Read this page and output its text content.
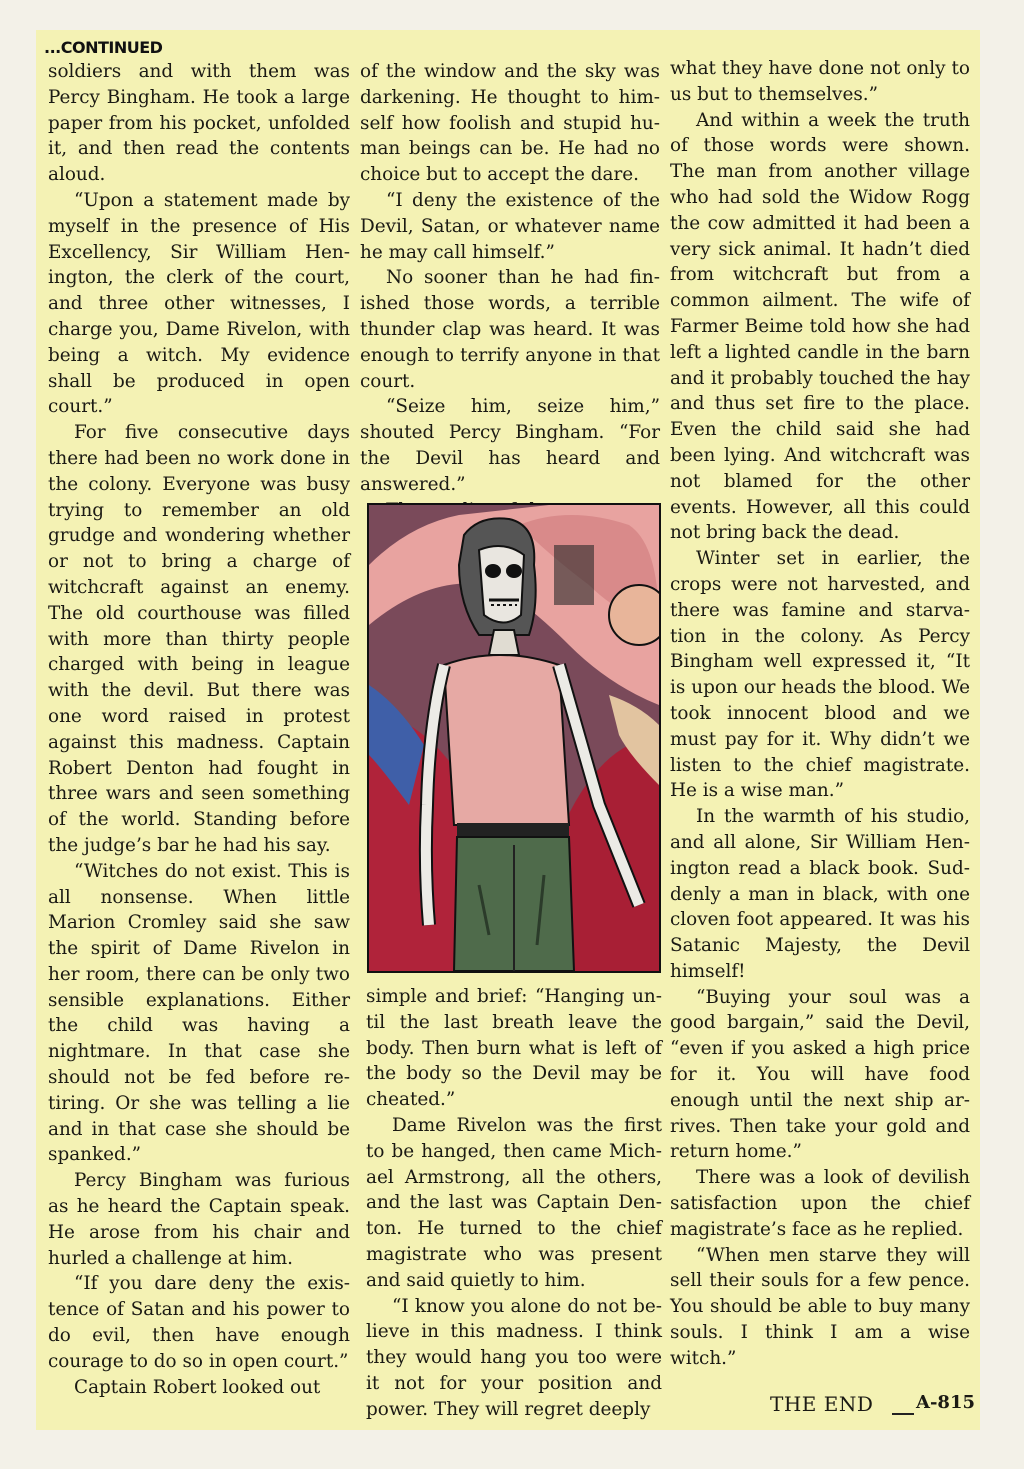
...CONTINUED

soldiers and with them was Percy Bingham. He took a large paper from his pocket, unfolded it, and then read the contents aloud.

“Upon a statement made by myself in the presence of His Excellency, Sir William Henington, the clerk of the court, and three other witnesses, I charge you, Dame Rivelon, with being a witch. My evidence shall be produced in open court.”

For five consecutive days there had been no work done in the colony. Everyone was busy trying to remember an old grudge and wondering whether or not to bring a charge of witchcraft against an enemy. The old courthouse was filled with more than thirty people charged with being in league with the devil. But there was one word raised in protest against this madness. Captain Robert Denton had fought in three wars and seen something of the world. Standing before the judge’s bar he had his say.

“Witches do not exist. This is all nonsense. When little Marion Cromley said she saw the spirit of Dame Rivelon in her room, there can be only two sensible explanations. Either the child was having a nightmare. In that case she should not be fed before retiring. Or she was telling a lie and in that case she should be spanked.”

Percy Bingham was furious as he heard the Captain speak. He arose from his chair and hurled a challenge at him.

“If you dare deny the existence of Satan and his power to do evil, then have enough courage to do so in open court.”

Captain Robert looked out

of the window and the sky was darkening. He thought to himself how foolish and stupid human beings can be. He had no choice but to accept the dare.

“I deny the existence of the Devil, Satan, or whatever name he may call himself.”

No sooner than he had finished those words, a terrible thunder clap was heard. It was enough to terrify anyone in that court.

“Seize him, seize him,” shouted Percy Bingham. “For the Devil has heard and answered.”

simple and brief: “Hanging until the last breath leave the body. Then burn what is left of the body so the Devil may be cheated.”

Dame Rivelon was the first to be hanged, then came Michael Armstrong, all the others, and the last was Captain Denton. He turned to the chief magistrate who was present and said quietly to him.

“I know you alone do not believe in this madness. I think they would hang you too were it not for your position and power. They will regret deeply

what they have done not only to us but to themselves.”

And within a week the truth of those words were shown. The man from another village who had sold the Widow Rogg the cow admitted it had been a very sick animal. It hadn’t died from witchcraft but from a common ailment. The wife of Farmer Beime told how she had left a lighted candle in the barn and it probably touched the hay and thus set fire to the place. Even the child said she had been lying. And witchcraft was not blamed for the other events. However, all this could not bring back the dead.

Winter set in earlier, the crops were not harvested, and there was famine and starvation in the colony. As Percy Bingham well expressed it, “It is upon our heads the blood. We took innocent blood and we must pay for it. Why didn’t we listen to the chief magistrate. He is a wise man.”

In the warmth of his studio, and all alone, Sir William Henington read a black book. Suddenly a man in black, with one cloven foot appeared. It was his Satanic Majesty, the Devil himself!

“Buying your soul was a good bargain,” said the Devil, “even if you asked a high price for it. You will have food enough until the next ship arrives. Then take your gold and return home.”

There was a look of devilish satisfaction upon the chief magistrate’s face as he replied.

“When men starve they will sell their souls for a few pence. You should be able to buy many souls. I think I am a wise witch.”

THE END A-815
